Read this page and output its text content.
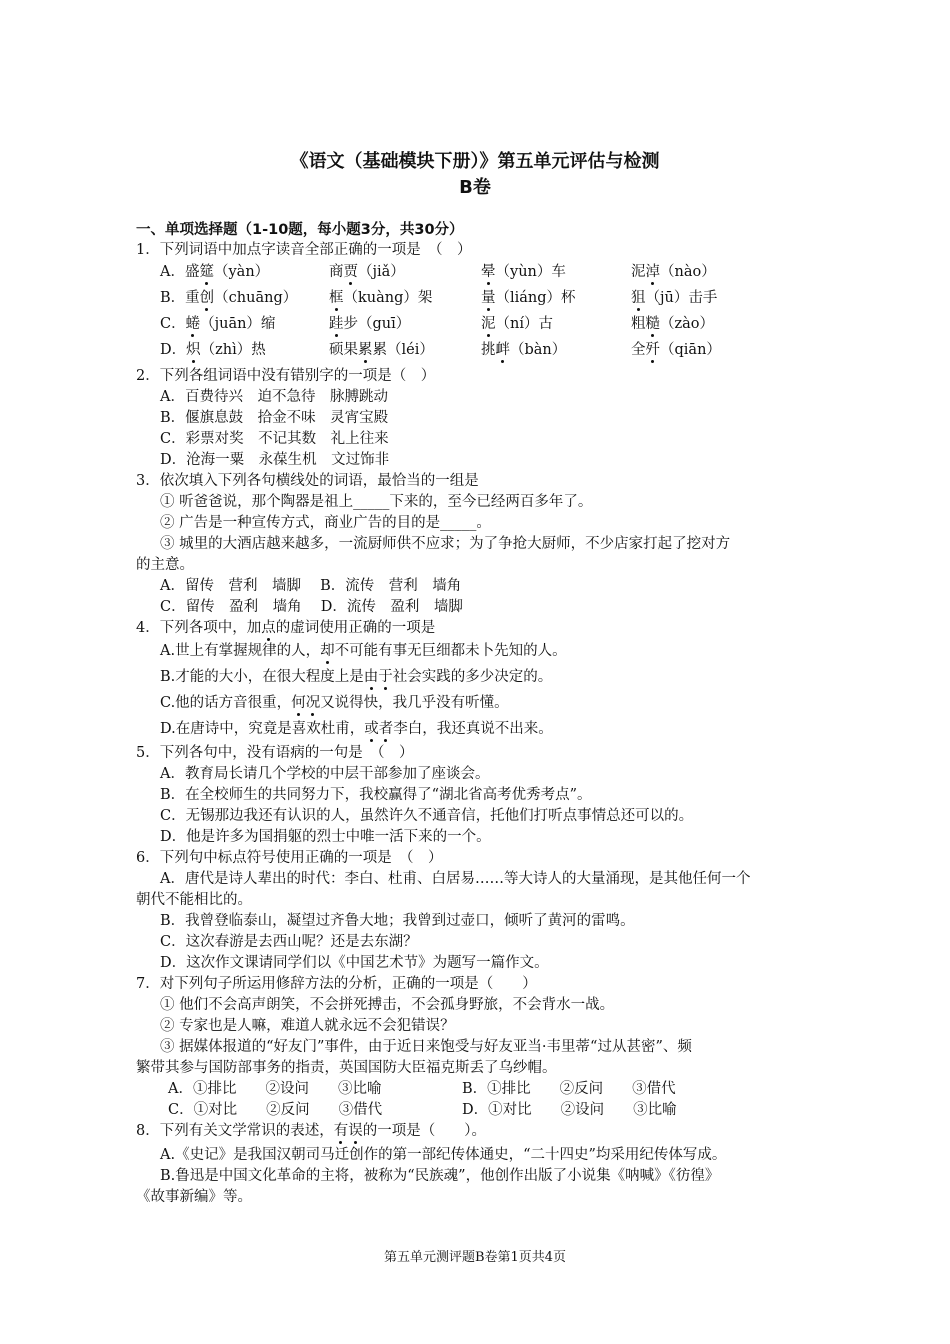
《语文（基础模块下册）》第五单元评估与检测
B卷
一、单项选择题（1-10题，每小题3分，共30分）
1．下列词语中加点字读音全部正确的一项是　（　）
A．盛筵（yàn）	商贾（jiǎ）	晕（yùn）车	泥淖（nào）
B．重创（chuāng） 框（kuàng）架	量（liáng）杯	狙（jū）击手
C．蜷（juān）缩	跬步（guī）	泥（ní）古	粗糙（zào）
D．炽（zhì）热	硕果累累（léi）	挑衅（bàn）	全歼（qiān）
2．下列各组词语中没有错别字的一项是（　）
A．百费待兴　迫不急待　脉膊跳动
B．偃旗息鼓　拾金不味　灵宵宝殿
C．彩票对奖　不记其数　礼上往来
D．沧海一粟　永葆生机　文过饰非
3．依次填入下列各句横线处的词语，最恰当的一组是
① 听爸爸说，那个陶器是祖上_____下来的，至今已经两百多年了。
② 广告是一种宣传方式，商业广告的目的是_____。
③ 城里的大酒店越来越多，一流厨师供不应求；为了争抢大厨师，不少店家打起了挖对方
的主意。
A．留传　营利　墙脚　 B．流传　营利　墙角
C．留传　盈利　墙角　 D．流传　盈利　墙脚
4．下列各项中，加点的虚词使用正确的一项是
A.世上有掌握规律的人，却不可能有事无巨细都未卜先知的人。
B.才能的大小，在很大程度上是由于社会实践的多少决定的。
C.他的话方音很重，何况又说得快，我几乎没有听懂。
D.在唐诗中，究竟是喜欢杜甫，或者李白，我还真说不出来。
5．下列各句中，没有语病的一句是　（　）
A．教育局长请几个学校的中层干部参加了座谈会。
B．在全校师生的共同努力下，我校赢得了“湖北省高考优秀考点”。
C．无锡那边我还有认识的人，虽然许久不通音信，托他们打听点事情总还可以的。
D．他是许多为国捐躯的烈士中唯一活下来的一个。
6．下列句中标点符号使用正确的一项是　（　）
A．唐代是诗人辈出的时代：李白、杜甫、白居易……等大诗人的大量涌现，是其他任何一个
朝代不能相比的。
B．我曾登临泰山，凝望过齐鲁大地；我曾到过壶口，倾听了黄河的雷鸣。
C．这次春游是去西山呢？还是去东湖？
D．这次作文课请同学们以《中国艺术节》为题写一篇作文。
7．对下列句子所运用修辞方法的分析，正确的一项是（　　）
① 他们不会高声朗笑，不会拼死搏击，不会孤身野旅，不会背水一战。
② 专家也是人嘛，难道人就永远不会犯错误？
③ 据媒体报道的“好友门”事件，由于近日来饱受与好友亚当·韦里蒂“过从甚密”、频
繁带其参与国防部事务的指责，英国国防大臣福克斯丢了乌纱帽。
A．①排比　　②设问　　③比喻	B．①排比　　②反问　　③借代
C．①对比　　②反问　　③借代	D．①对比　　②设问　　③比喻
8．下列有关文学常识的表述，有误的一项是（　　）。
A.《史记》是我国汉朝司马迁创作的第一部纪传体通史，“二十四史”均采用纪传体写成。
B.鲁迅是中国文化革命的主将，被称为“民族魂”，他创作出版了小说集《呐喊》《彷徨》
《故事新编》等。
第五单元测评题B卷第1页共4页
